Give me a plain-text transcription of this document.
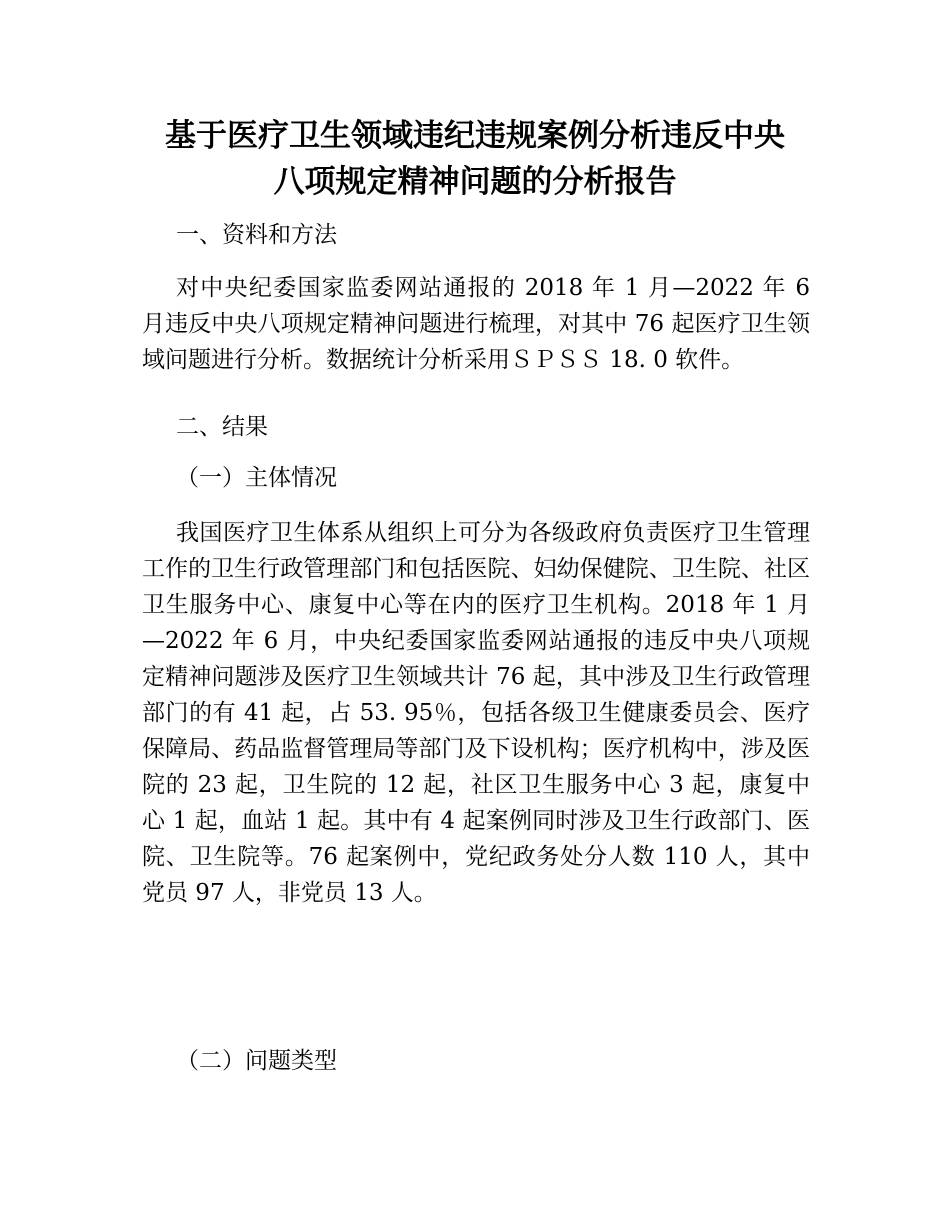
基于医疗卫生领域违纪违规案例分析违反中央
八项规定精神问题的分析报告
一、资料和方法

对中央纪委国家监委网站通报的 2018 年 1 月—2022 年 6 月违反中央八项规定精神问题进行梳理，对其中 76 起医疗卫生领域问题进行分析。数据统计分析采用ＳＰＳＳ 18. 0 软件。

二、结果
（一）主体情况

我国医疗卫生体系从组织上可分为各级政府负责医疗卫生管理工作的卫生行政管理部门和包括医院、妇幼保健院、卫生院、社区卫生服务中心、康复中心等在内的医疗卫生机构。2018 年 1 月—2022 年 6 月，中央纪委国家监委网站通报的违反中央八项规定精神问题涉及医疗卫生领域共计 76 起，其中涉及卫生行政管理部门的有 41 起，占 53. 95％，包括各级卫生健康委员会、医疗保障局、药品监督管理局等部门及下设机构；医疗机构中，涉及医院的 23 起，卫生院的 12 起，社区卫生服务中心 3 起，康复中心 1 起，血站 1 起。其中有 4 起案例同时涉及卫生行政部门、医院、卫生院等。76 起案例中，党纪政务处分人数 110 人，其中党员 97 人，非党员 13 人。

（二）问题类型
